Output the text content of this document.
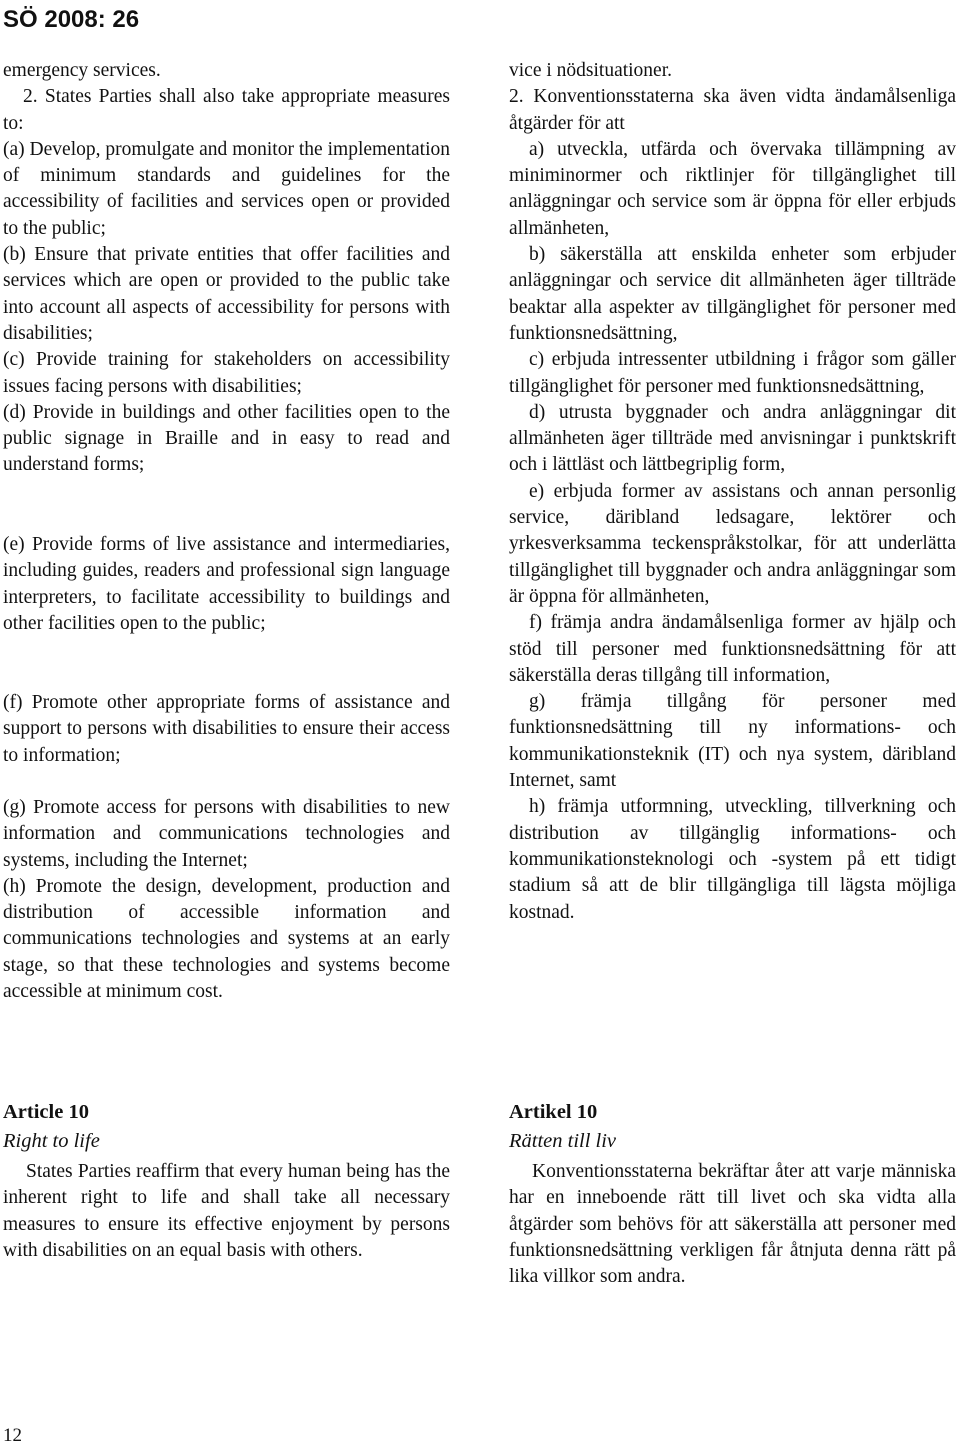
SÖ 2008: 26
emergency services.
2. States Parties shall also take appropriate measures to:
(a) Develop, promulgate and monitor the implementation of minimum standards and guidelines for the accessibility of facilities and services open or provided to the public;
(b) Ensure that private entities that offer facilities and services which are open or provided to the public take into account all aspects of accessibility for persons with disabilities;
(c) Provide training for stakeholders on accessibility issues facing persons with disabilities;
(d) Provide in buildings and other facilities open to the public signage in Braille and in easy to read and understand forms;
(e) Provide forms of live assistance and intermediaries, including guides, readers and professional sign language interpreters, to facilitate accessibility to buildings and other facilities open to the public;
(f) Promote other appropriate forms of assistance and support to persons with disabilities to ensure their access to information;
(g) Promote access for persons with disabilities to new information and communications technologies and systems, including the Internet;
(h) Promote the design, development, production and distribution of accessible information and communications technologies and systems at an early stage, so that these technologies and systems become accessible at minimum cost.
Article 10
Right to life
States Parties reaffirm that every human being has the inherent right to life and shall take all necessary measures to ensure its effective enjoyment by persons with disabilities on an equal basis with others.
vice i nödsituationer.
2. Konventionsstaterna ska även vidta ändamålsenliga åtgärder för att
a) utveckla, utfärda och övervaka tillämpning av miniminormer och riktlinjer för tillgänglighet till anläggningar och service som är öppna för eller erbjuds allmänheten,
b) säkerställa att enskilda enheter som erbjuder anläggningar och service dit allmänheten äger tillträde beaktar alla aspekter av tillgänglighet för personer med funktionsnedsättning,
c) erbjuda intressenter utbildning i frågor som gäller tillgänglighet för personer med funktionsnedsättning,
d) utrusta byggnader och andra anläggningar dit allmänheten äger tillträde med anvisningar i punktskrift och i lättläst och lättbegriplig form,
e) erbjuda former av assistans och annan personlig service, däribland ledsagare, lektörer och yrkesverksamma teckenspråkstolkar, för att underlätta tillgänglighet till byggnader och andra anläggningar som är öppna för allmänheten,
f) främja andra ändamålsenliga former av hjälp och stöd till personer med funktionsnedsättning för att säkerställa deras tillgång till information,
g) främja tillgång för personer med funktionsnedsättning till ny informations- och kommunikationsteknik (IT) och nya system, däribland Internet, samt
h) främja utformning, utveckling, tillverkning och distribution av tillgänglig informations- och kommunikationsteknologi och -system på ett tidigt stadium så att de blir tillgängliga till lägsta möjliga kostnad.
Artikel 10
Rätten till liv
Konventionsstaterna bekräftar åter att varje människa har en inneboende rätt till livet och ska vidta alla åtgärder som behövs för att säkerställa att personer med funktionsnedsättning verkligen får åtnjuta denna rätt på lika villkor som andra.
12
